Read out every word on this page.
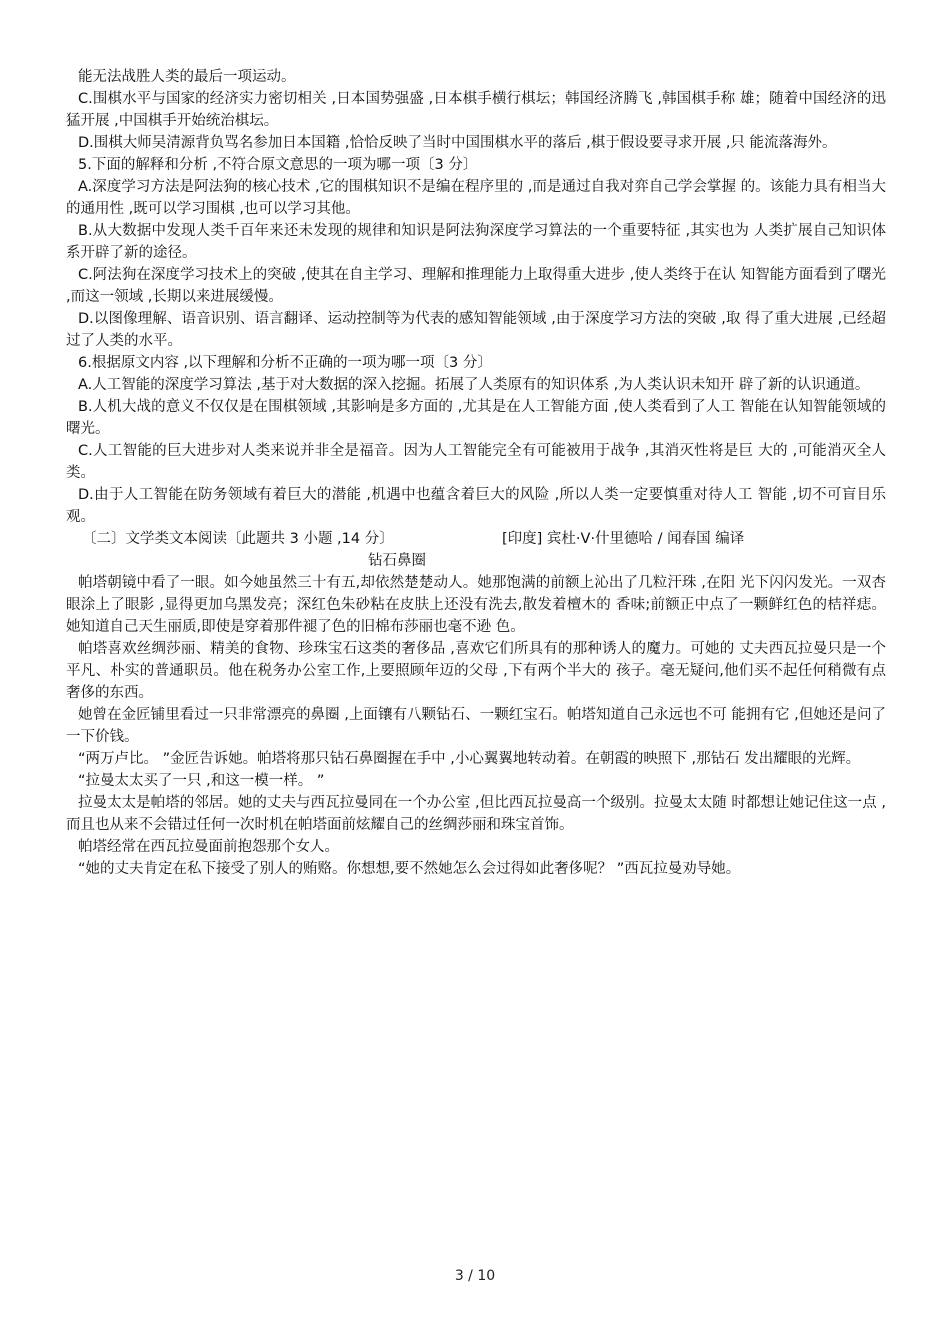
能无法战胜人类的最后一项运动。

C.围棋水平与国家的经济实力密切相关 ,日本国势强盛 ,日本棋手横行棋坛；韩国经济腾飞 ,韩国棋手称 雄；随着中国经济的迅猛开展 ,中国棋手开始统治棋坛。

D.围棋大师吴清源背负骂名参加日本国籍 ,恰恰反映了当时中国围棋水平的落后 ,棋于假设要寻求开展 ,只 能流落海外。

5.下面的解释和分析 ,不符合原文意思的一项为哪一项〔3 分〕

A.深度学习方法是阿法狗的核心技术 ,它的围棋知识不是编在程序里的 ,而是通过自我对弈自己学会掌握 的。该能力具有相当大的通用性 ,既可以学习围棋 ,也可以学习其他。

B.从大数据中发现人类千百年来还未发现的规律和知识是阿法狗深度学习算法的一个重要特征 ,其实也为 人类扩展自己知识体系开辟了新的途径。

C.阿法狗在深度学习技术上的突破 ,使其在自主学习、理解和推理能力上取得重大进步 ,使人类终于在认 知智能方面看到了曙光 ,而这一领域 ,长期以来进展缓慢。

D.以图像理解、语音识别、语言翻译、运动控制等为代表的感知智能领域 ,由于深度学习方法的突破 ,取 得了重大进展 ,已经超过了人类的水平。

6.根据原文内容 ,以下理解和分析不正确的一项为哪一项〔3 分〕

A.人工智能的深度学习算法 ,基于对大数据的深入挖掘。拓展了人类原有的知识体系 ,为人类认识未知开 辟了新的认识通道。

B.人机大战的意义不仅仅是在围棋领域 ,其影响是多方面的 ,尤其是在人工智能方面 ,使人类看到了人工 智能在认知智能领域的曙光。

C.人工智能的巨大进步对人类来说并非全是福音。因为人工智能完全有可能被用于战争 ,其消灭性将是巨 大的 ,可能消灭全人类。

D.由于人工智能在防务领域有着巨大的潜能 ,机遇中也蕴含着巨大的风险 ,所以人类一定要慎重对待人工 智能 ,切不可盲目乐观。

〔二〕文学类文本阅读〔此题共 3 小题 ,14 分〕	[印度] 宾杜·V·什里德哈 / 闻春国 编译
钻石鼻圈

帕塔朝镜中看了一眼。如今她虽然三十有五,却依然楚楚动人。她那饱满的前额上沁出了几粒汗珠 ,在阳 光下闪闪发光。一双杏眼涂上了眼影 ,显得更加乌黑发亮；深红色朱砂粘在皮肤上还没有洗去,散发着檀木的 香味;前额正中点了一颗鲜红色的桔祥痣。她知道自己天生丽质,即使是穿着那件褪了色的旧棉布莎丽也毫不逊 色。

帕塔喜欢丝绸莎丽、精美的食物、珍珠宝石这类的奢侈品 ,喜欢它们所具有的那种诱人的魔力。可她的 丈夫西瓦拉曼只是一个平凡、朴实的普通职员。他在税务办公室工作,上要照顾年迈的父母 ,下有两个半大的 孩子。毫无疑问,他们买不起任何稍微有点奢侈的东西。

她曾在金匠铺里看过一只非常漂亮的鼻圈 ,上面镶有八颗钻石、一颗红宝石。帕塔知道自己永远也不可 能拥有它 ,但她还是问了一下价钱。

“两万卢比。 ”金匠告诉她。帕塔将那只钻石鼻圈握在手中 ,小心翼翼地转动着。在朝霞的映照下 ,那钻石 发出耀眼的光辉。

“拉曼太太买了一只 ,和这一模一样。 ”

拉曼太太是帕塔的邻居。她的丈夫与西瓦拉曼同在一个办公室 ,但比西瓦拉曼高一个级别。拉曼太太随 时都想让她记住这一点 ,而且也从来不会错过任何一次时机在帕塔面前炫耀自己的丝绸莎丽和珠宝首饰。

帕塔经常在西瓦拉曼面前抱怨那个女人。

“她的丈夫肯定在私下接受了别人的贿赂。你想想,要不然她怎么会过得如此奢侈呢？ ”西瓦拉曼劝导她。

3 / 10
